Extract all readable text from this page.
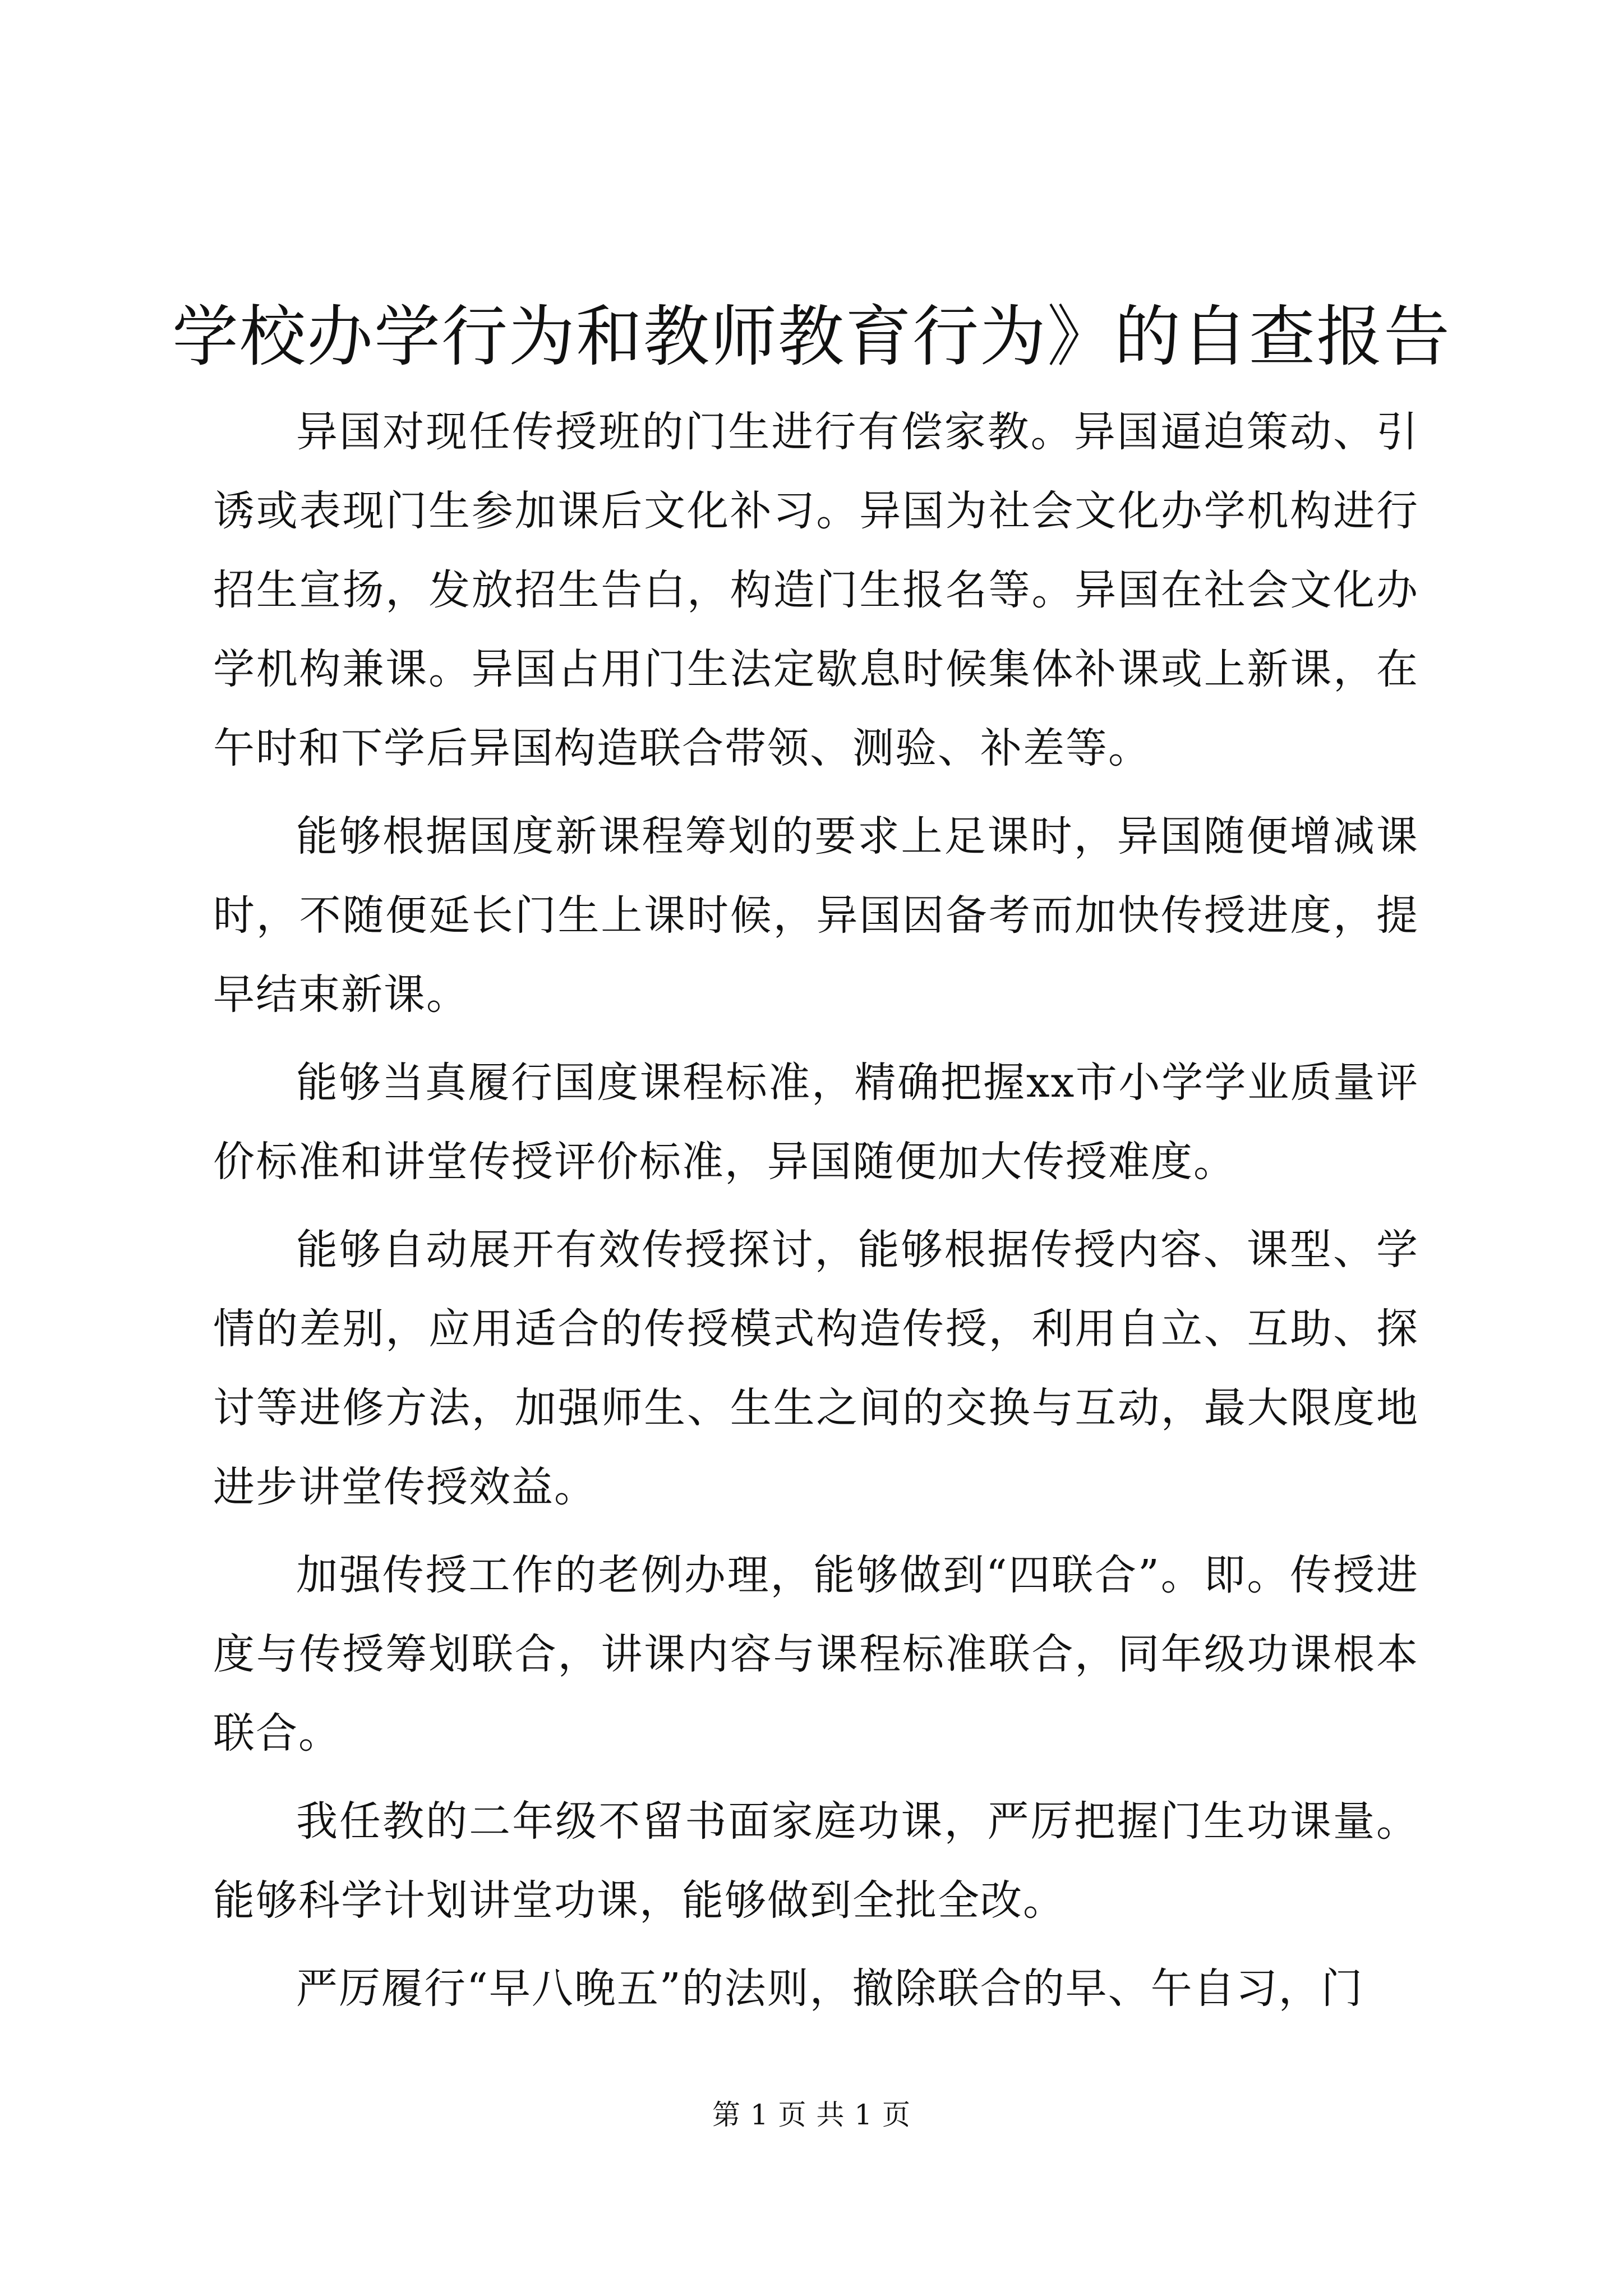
学校办学行为和教师教育行为》的自查报告

异国对现任传授班的门生进行有偿家教。异国逼迫策动、引诱或表现门生参加课后文化补习。异国为社会文化办学机构进行招生宣扬，发放招生告白，构造门生报名等。异国在社会文化办学机构兼课。异国占用门生法定歇息时候集体补课或上新课，在午时和下学后异国构造联合带领、测验、补差等。

能够根据国度新课程筹划的要求上足课时，异国随便增减课时，不随便延长门生上课时候，异国因备考而加快传授进度，提早结束新课。

能够当真履行国度课程标准，精确把握xx市小学学业质量评价标准和讲堂传授评价标准，异国随便加大传授难度。

能够自动展开有效传授探讨，能够根据传授内容、课型、学情的差别，应用适合的传授模式构造传授，利用自立、互助、探讨等进修方法，加强师生、生生之间的交换与互动，最大限度地进步讲堂传授效益。

加强传授工作的老例办理，能够做到“四联合”。即。传授进度与传授筹划联合，讲课内容与课程标准联合，同年级功课根本联合。

我任教的二年级不留书面家庭功课，严厉把握门生功课量。能够科学计划讲堂功课，能够做到全批全改。

严厉履行“早八晚五”的法则，撤除联合的早、午自习，门

第 1 页 共 1 页
